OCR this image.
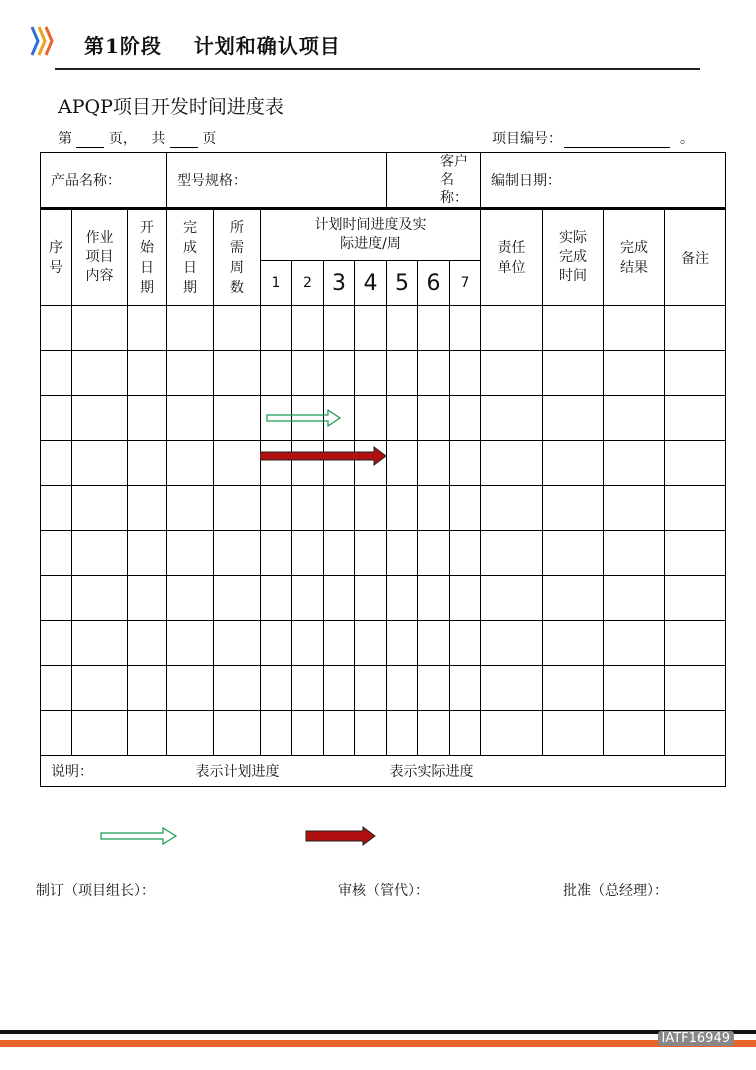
第1阶段    计划和确认项目
APQP项目开发时间进度表
第	页， 共	页	项目编号：	。
产品名称：			型号规格：						客户名称：			编制日期：			
序号	作业项目内容	开始日期	完成日期	所需周数	计划时间进度及实际进度/周							责任单位	实际完成时间	完成结果	备注
					1	2	3	4	5	6	7				

说明： 表示计划进度 表示实际进度															
制订（项目组长）：	审核（管代）：	批准（总经理）：
IATF16949
